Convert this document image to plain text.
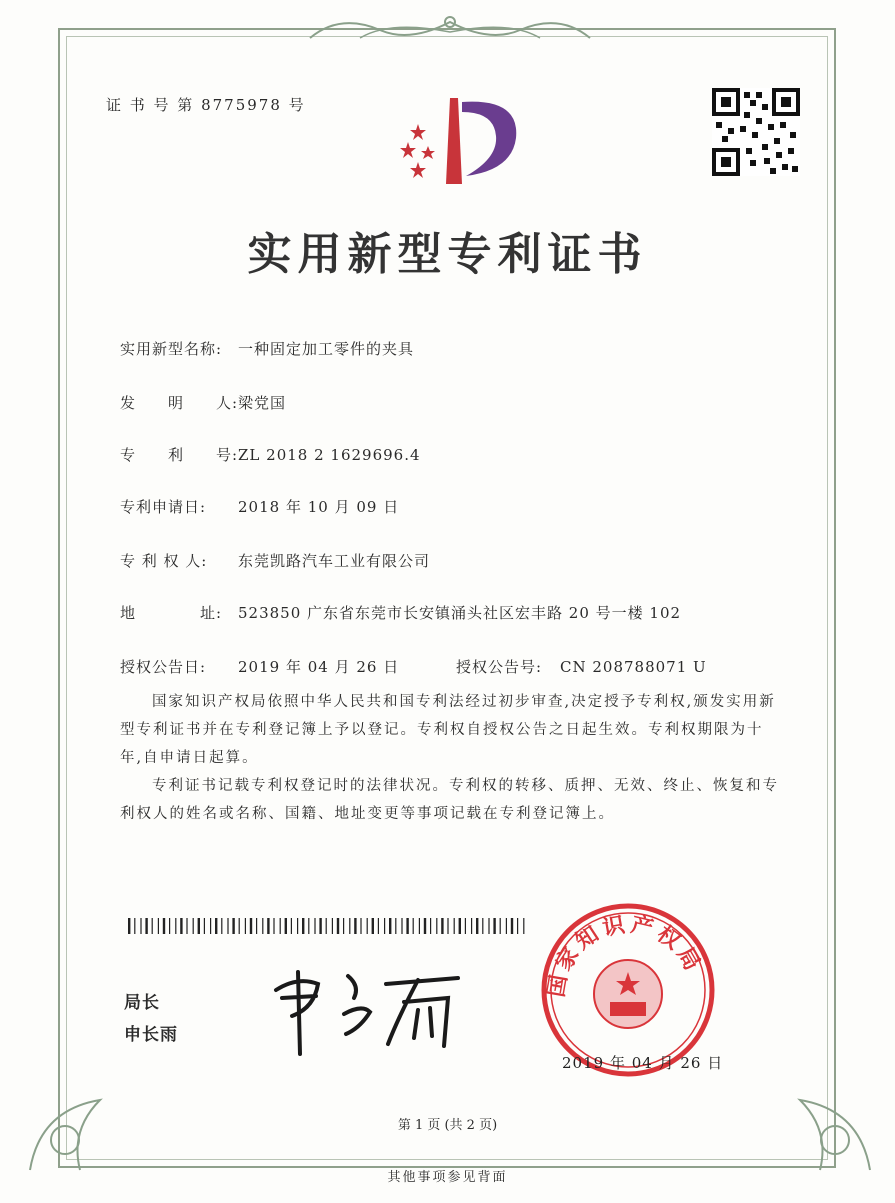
证 书 号 第 8775978 号
实用新型专利证书
实用新型名称: 一种固定加工零件的夹具
发　　明　　人:梁党国
专　　利　　号:ZL 2018 2 1629696.4
专利申请日: 2018 年 10 月 09 日
专 利 权 人: 东莞凯路汽车工业有限公司
地　　　　址: 523850 广东省东莞市长安镇涌头社区宏丰路 20 号一楼 102
授权公告日: 2019 年 04 月 26 日	授权公告号: CN 208788071 U
国家知识产权局依照中华人民共和国专利法经过初步审查,决定授予专利权,颁发实用新型专利证书并在专利登记簿上予以登记。专利权自授权公告之日起生效。专利权期限为十年,自申请日起算。
专利证书记载专利权登记时的法律状况。专利权的转移、质押、无效、终止、恢复和专利权人的姓名或名称、国籍、地址变更等事项记载在专利登记簿上。
局长
申长雨
国家知识产权局
2019 年 04 月 26 日
第 1 页 (共 2 页)
其他事项参见背面
